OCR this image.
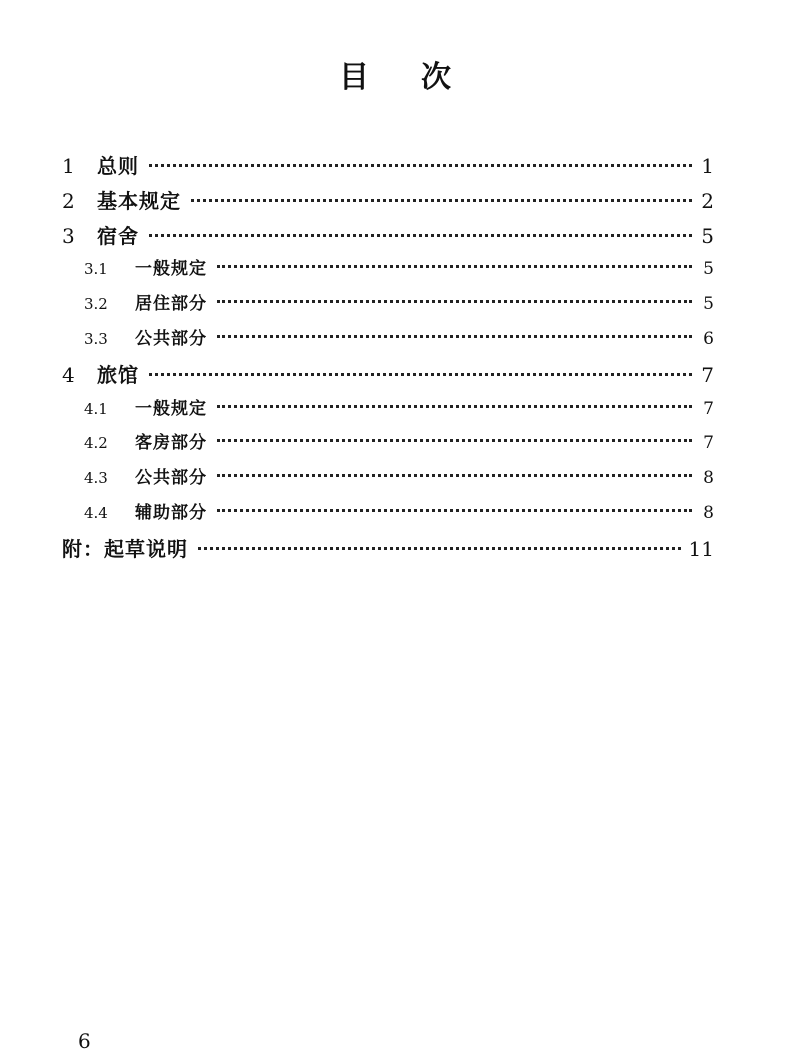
目次
1	总则	1
2	基本规定	2
3	宿舍	5
3.1	一般规定	5
3.2	居住部分	5
3.3	公共部分	6
4	旅馆	7
4.1	一般规定	7
4.2	客房部分	7
4.3	公共部分	8
4.4	辅助部分	8
附：起草说明	11
6
